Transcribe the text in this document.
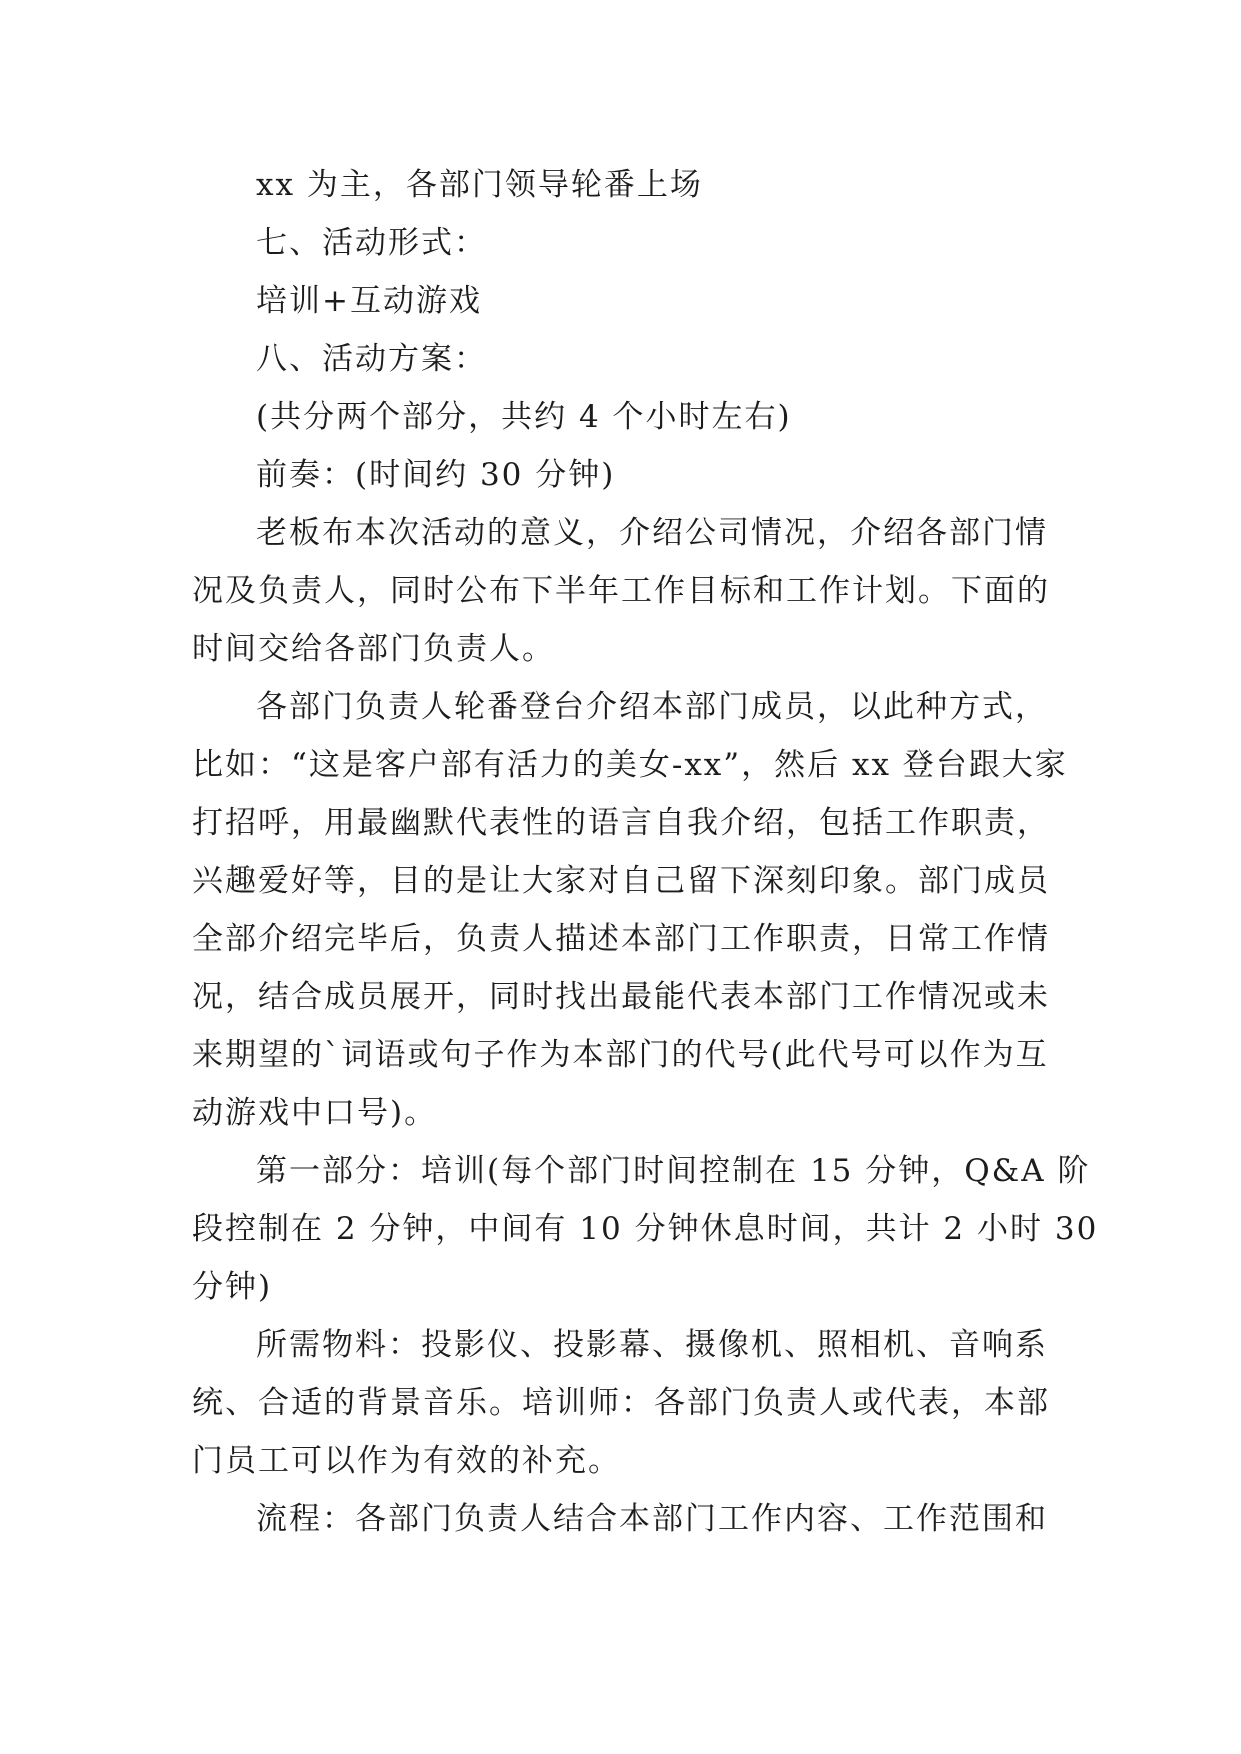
xx 为主，各部门领导轮番上场
七、活动形式：
培训+互动游戏
八、活动方案：
(共分两个部分，共约 4 个小时左右)
前奏：(时间约 30 分钟)
老板布本次活动的意义，介绍公司情况，介绍各部门情
况及负责人，同时公布下半年工作目标和工作计划。下面的
时间交给各部门负责人。
各部门负责人轮番登台介绍本部门成员，以此种方式，
比如：“这是客户部有活力的美女-xx”，然后 xx 登台跟大家
打招呼，用最幽默代表性的语言自我介绍，包括工作职责，
兴趣爱好等，目的是让大家对自己留下深刻印象。部门成员
全部介绍完毕后，负责人描述本部门工作职责，日常工作情
况，结合成员展开，同时找出最能代表本部门工作情况或未
来期望的`词语或句子作为本部门的代号(此代号可以作为互
动游戏中口号)。
第一部分：培训(每个部门时间控制在 15 分钟，Q&A 阶
段控制在 2 分钟，中间有 10 分钟休息时间，共计 2 小时 30
分钟)
所需物料：投影仪、投影幕、摄像机、照相机、音响系
统、合适的背景音乐。培训师：各部门负责人或代表，本部
门员工可以作为有效的补充。
流程：各部门负责人结合本部门工作内容、工作范围和
